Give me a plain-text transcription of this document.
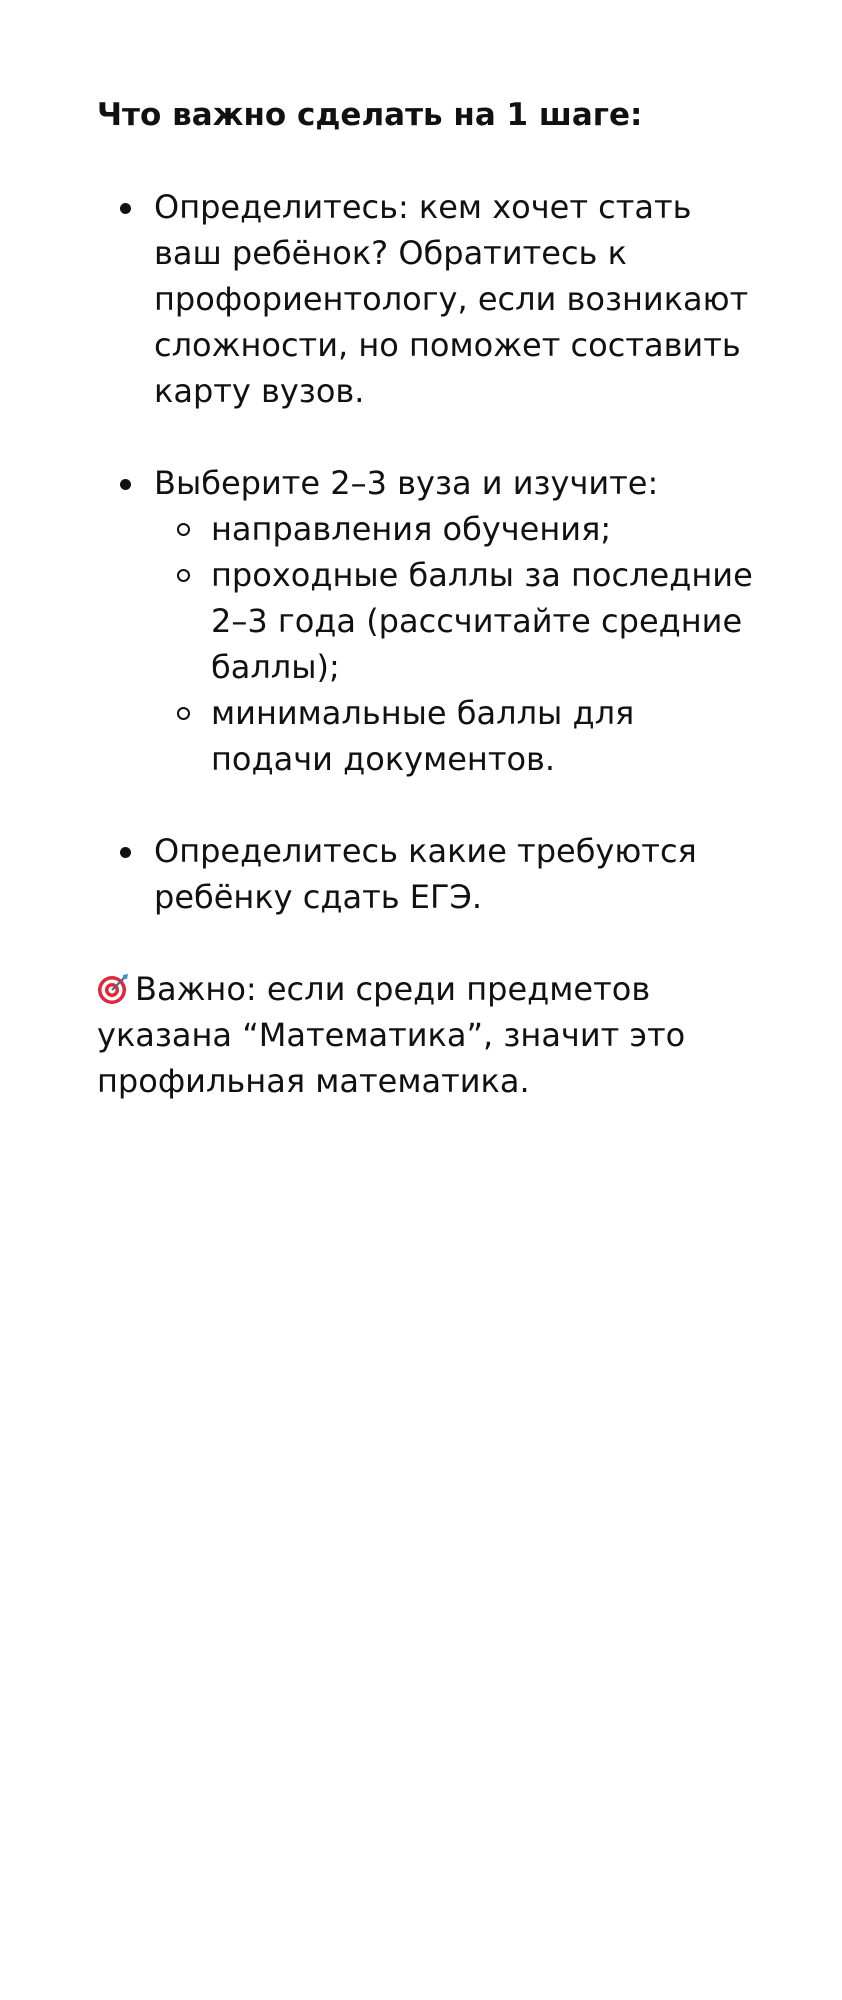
Что важно сделать на 1 шаге:

Определитесь: кем хочет стать ваш ребёнок? Обратитесь к профориентологу, если возникают сложности, но поможет составить карту вузов.
Выберите 2–3 вуза и изучите:
направления обучения;
проходные баллы за последние 2–3 года (рассчитайте средние баллы);
минимальные баллы для подачи документов.
Определитесь какие требуются ребёнку сдать ЕГЭ.

Важно: если среди предметов указана “Математика”, значит это профильная математика.
